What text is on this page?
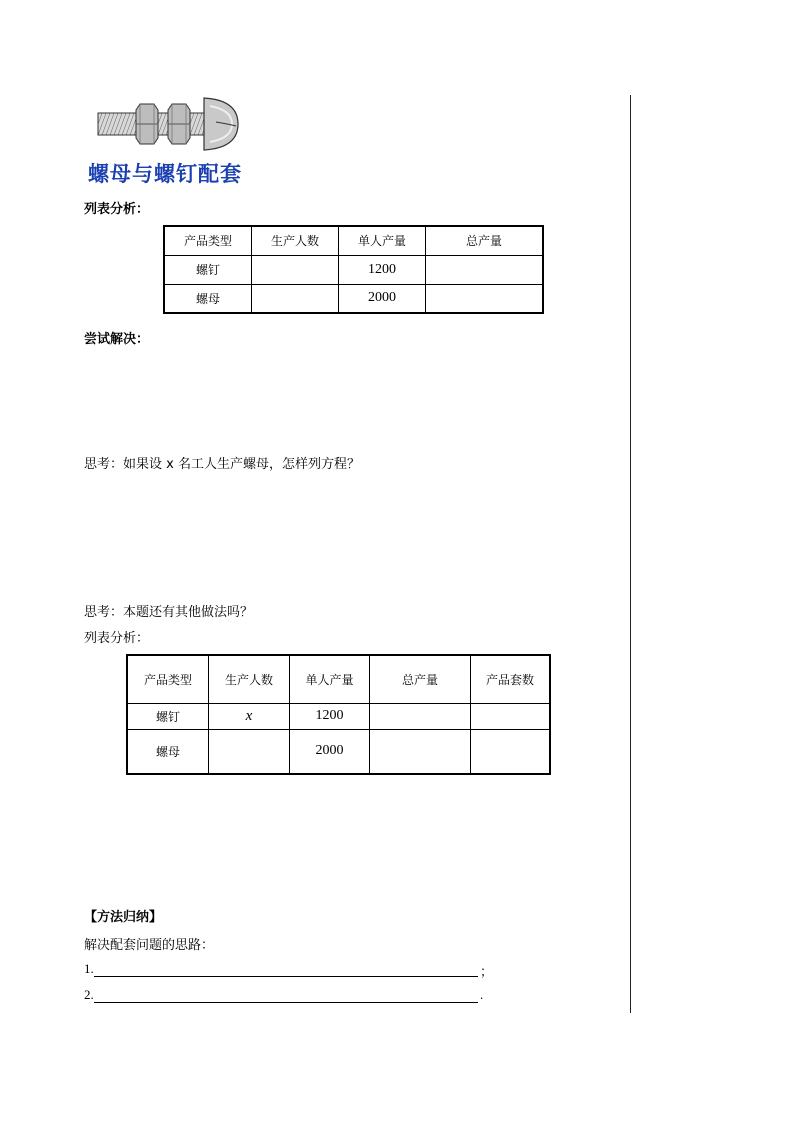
螺母与螺钉配套
列表分析：
产品类型	生产人数	单人产量	总产量
螺钉		1200	
螺母		2000	
尝试解决：
思考：如果设 x 名工人生产螺母，怎样列方程？
思考：本题还有其他做法吗？
列表分析：
产品类型	生产人数	单人产量	总产量	产品套数
螺钉	x	1200		
螺母		2000		
【方法归纳】
解决配套问题的思路：
1.	；
2.	.
